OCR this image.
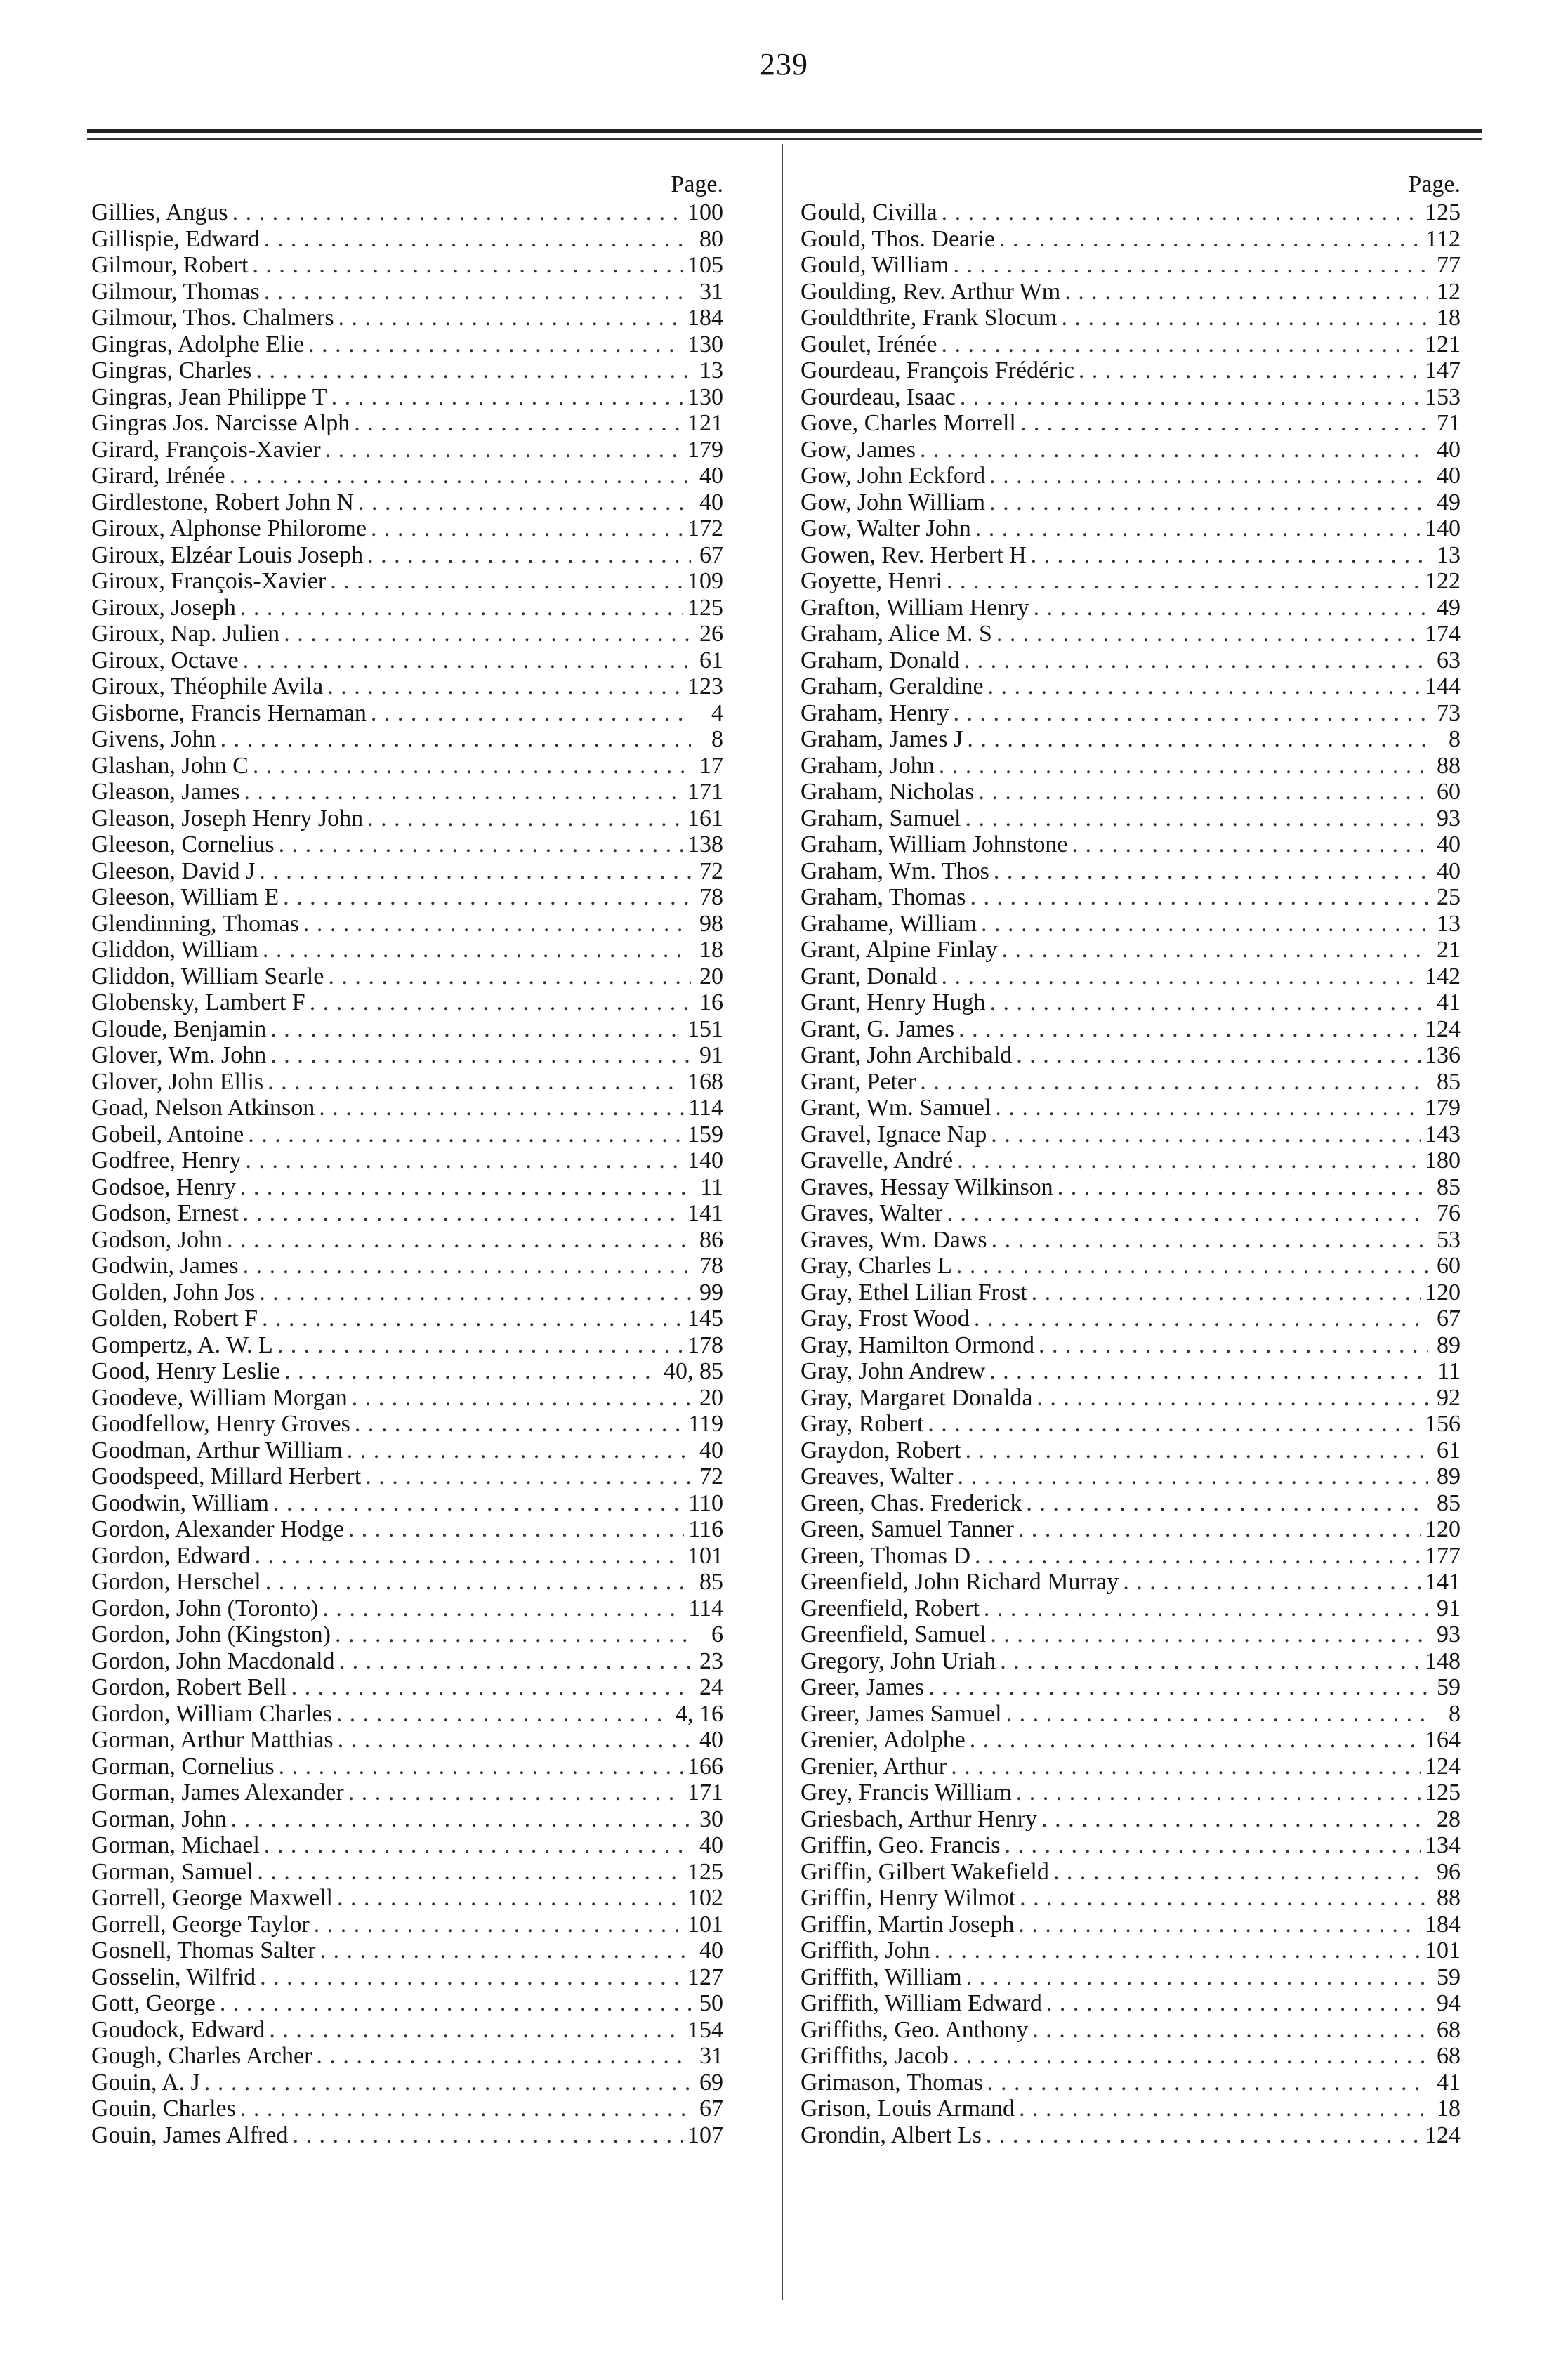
239
Page.
Gillies, Angus . . .	100
Gillispie, Edward . . .	80
Gilmour, Robert . . .	105
Gilmour, Thomas . . .	31
Gilmour, Thos. Chalmers . . .	184
Gingras, Adolphe Elie . . .	130
Gingras, Charles . . .	13
Gingras, Jean Philippe T . . .	130
Gingras Jos. Narcisse Alph . . .	121
Girard, François-Xavier . . .	179
Girard, Irénée . . .	40
Girdlestone, Robert John N . . .	40
Giroux, Alphonse Philorome . . .	172
Giroux, Elzéar Louis Joseph . . .	67
Giroux, François-Xavier . . .	109
Giroux, Joseph . . .	125
Giroux, Nap. Julien . . .	26
Giroux, Octave . . .	61
Giroux, Théophile Avila . . .	123
Gisborne, Francis Hernaman . . .	4
Givens, John . . .	8
Glashan, John C . . .	17
Gleason, James . . .	171
Gleason, Joseph Henry John . . .	161
Gleeson, Cornelius . . .	138
Gleeson, David J . . .	72
Gleeson, William E . . .	78
Glendinning, Thomas . . .	98
Gliddon, William . . .	18
Gliddon, William Searle . . .	20
Globensky, Lambert F . . .	16
Gloude, Benjamin . . .	151
Glover, Wm. John . . .	91
Glover, John Ellis . . .	168
Goad, Nelson Atkinson . . .	114
Gobeil, Antoine . . .	159
Godfree, Henry . . .	140
Godsoe, Henry . . .	11
Godson, Ernest . . .	141
Godson, John . . .	86
Godwin, James . . .	78
Golden, John Jos . . .	99
Golden, Robert F . . .	145
Gompertz, A. W. L . . .	178
Good, Henry Leslie . . .	40, 85
Goodeve, William Morgan . . .	20
Goodfellow, Henry Groves . . .	119
Goodman, Arthur William . . .	40
Goodspeed, Millard Herbert . . .	72
Goodwin, William . . .	110
Gordon, Alexander Hodge . . .	116
Gordon, Edward . . .	101
Gordon, Herschel . . .	85
Gordon, John (Toronto) . . .	114
Gordon, John (Kingston) . . .	6
Gordon, John Macdonald . . .	23
Gordon, Robert Bell . . .	24
Gordon, William Charles . . .	4, 16
Gorman, Arthur Matthias . . .	40
Gorman, Cornelius . . .	166
Gorman, James Alexander . . .	171
Gorman, John . . .	30
Gorman, Michael . . .	40
Gorman, Samuel . . .	125
Gorrell, George Maxwell . . .	102
Gorrell, George Taylor . . .	101
Gosnell, Thomas Salter . . .	40
Gosselin, Wilfrid . . .	127
Gott, George . . .	50
Goudock, Edward . . .	154
Gough, Charles Archer . . .	31
Gouin, A. J . . .	69
Gouin, Charles . . .	67
Gouin, James Alfred . . .	107
Page.
Gould, Civilla . . .	125
Gould, Thos. Dearie . . .	112
Gould, William . . .	77
Goulding, Rev. Arthur Wm . . .	12
Gouldthrite, Frank Slocum . . .	18
Goulet, Irénée . . .	121
Gourdeau, François Frédéric . . .	147
Gourdeau, Isaac . . .	153
Gove, Charles Morrell . . .	71
Gow, James . . .	40
Gow, John Eckford . . .	40
Gow, John William . . .	49
Gow, Walter John . . .	140
Gowen, Rev. Herbert H . . .	13
Goyette, Henri . . .	122
Grafton, William Henry . . .	49
Graham, Alice M. S . . .	174
Graham, Donald . . .	63
Graham, Geraldine . . .	144
Graham, Henry . . .	73
Graham, James J . . .	8
Graham, John . . .	88
Graham, Nicholas . . .	60
Graham, Samuel . . .	93
Graham, William Johnstone . . .	40
Graham, Wm. Thos . . .	40
Graham, Thomas . . .	25
Grahame, William . . .	13
Grant, Alpine Finlay . . .	21
Grant, Donald . . .	142
Grant, Henry Hugh . . .	41
Grant, G. James . . .	124
Grant, John Archibald . . .	136
Grant, Peter . . .	85
Grant, Wm. Samuel . . .	179
Gravel, Ignace Nap . . .	143
Gravelle, André . . .	180
Graves, Hessay Wilkinson . . .	85
Graves, Walter . . .	76
Graves, Wm. Daws . . .	53
Gray, Charles L . . .	60
Gray, Ethel Lilian Frost . . .	120
Gray, Frost Wood . . .	67
Gray, Hamilton Ormond . . .	89
Gray, John Andrew . . .	11
Gray, Margaret Donalda . . .	92
Gray, Robert . . .	156
Graydon, Robert . . .	61
Greaves, Walter . . .	89
Green, Chas. Frederick . . .	85
Green, Samuel Tanner . . .	120
Green, Thomas D . . .	177
Greenfield, John Richard Murray . . .	141
Greenfield, Robert . . .	91
Greenfield, Samuel . . .	93
Gregory, John Uriah . . .	148
Greer, James . . .	59
Greer, James Samuel . . .	8
Grenier, Adolphe . . .	164
Grenier, Arthur . . .	124
Grey, Francis William . . .	125
Griesbach, Arthur Henry . . .	28
Griffin, Geo. Francis . . .	134
Griffin, Gilbert Wakefield . . .	96
Griffin, Henry Wilmot . . .	88
Griffin, Martin Joseph . . .	184
Griffith, John . . .	101
Griffith, William . . .	59
Griffith, William Edward . . .	94
Griffiths, Geo. Anthony . . .	68
Griffiths, Jacob . . .	68
Grimason, Thomas . . .	41
Grison, Louis Armand . . .	18
Grondin, Albert Ls . . .	124
